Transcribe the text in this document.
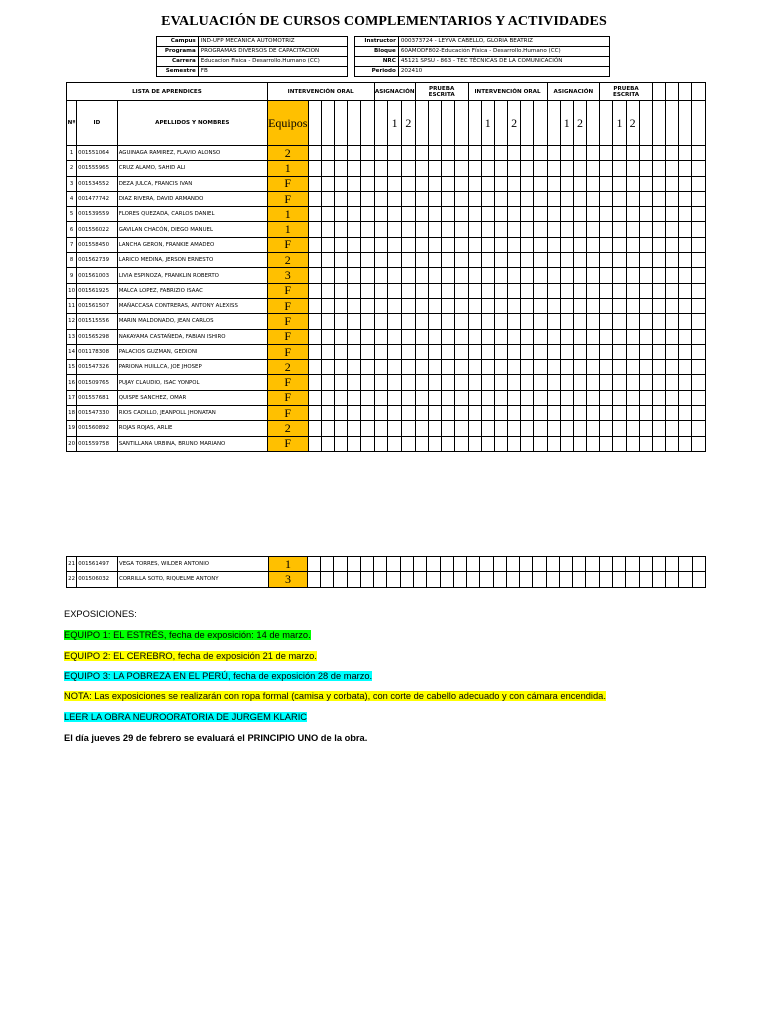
EVALUACIÓN DE CURSOS COMPLEMENTARIOS Y ACTIVIDADES
Campus	IND-UFP MECANICA AUTOMOTRIZ
Programa	PROGRAMAS DIVERSOS DE CAPACITACION
Carrera	Educacion Fisica - Desarrollo.Humano (CC)
Semestre	FB
Instructor	000373724 - LEYVA CABELLO, GLORIA BEATRIZ
Bloque	60AMODF802-Educación Física - Desarrollo.Humano (CC)
NRC	45121 SPSU - 863 - TEC TÉCNICAS DE LA COMUNICACIÓN
Periodo	202410
LISTA DE APRENDICES			INTERVENCIÓN ORAL						ASIGNACIÓN			PRUEBA ESCRITA				INTERVENCIÓN ORAL						ASIGNACIÓN				PRUEBA ESCRITA							
Nº	ID	APELLIDOS Y NOMBRES	Equipos							1	2						1		2				1	2			1	2					
1	001551064	AGUINAGA RAMIREZ, FLAVIO ALONSO	2																														
2	001555965	CRUZ ALAMO, SAHID ALI	1																														
3	001534552	DEZA JULCA, FRANCIS IVAN	F																														
4	001477742	DIAZ RIVERA, DAVID ARMANDO	F																														
5	001539559	FLORES QUEZADA, CARLOS DANIEL	1																														
6	001556022	GAVILAN CHACÓN, DIEGO MANUEL	1																														
7	001558450	LANCHA GERON, FRANKIE AMADEO	F																														
8	001562739	LARICO MEDINA, JERSON ERNESTO	2																														
9	001561003	LIVIA ESPINOZA, FRANKLIN ROBERTO	3																														
10	001561925	MALCA LOPEZ, FABRIZIO ISAAC	F																														
11	001561507	MAÑACCASA CONTRERAS, ANTONY ALEXISS	F																														
12	001515556	MARIN MALDONADO, JEAN CARLOS	F																														
13	001565298	NAKAYAMA CASTAÑEDA, FABIAN ISHIRO	F																														
14	001178308	PALACIOS GUZMAN, GEDIONI	F																														
15	001547326	PARIONA HUILLCA, JOE JHOSEP	2																														
16	001509765	PUJAY CLAUDIO, ISAC YONPOL	F																														
17	001557681	QUISPE SANCHEZ, OMAR	F																														
18	001547330	RIOS CADILLO, JEANPOLL JHONATAN	F																														
19	001560892	ROJAS ROJAS, ARLIE	2																														
20	001559758	SANTILLANA URBINA, BRUNO MARIANO	F																														
21	001561497	VEGA TORRES, WILDER ANTONIO	1																														
22	001506032	CORRILLA SOTO, RIQUELME ANTONY	3																														
EXPOSICIONES:
EQUIPO 1: EL ESTRÉS, fecha de exposición: 14 de marzo.
EQUIPO 2: EL CEREBRO, fecha de exposición 21 de marzo.
EQUIPO 3: LA POBREZA EN EL PERÚ, fecha de exposición 28 de marzo.
NOTA: Las exposiciones se realizarán con ropa formal (camisa y corbata), con corte de cabello adecuado y con cámara encendida.
LEER LA OBRA NEUROORATORIA DE JURGEM KLARIC
El día jueves 29 de febrero se evaluará el PRINCIPIO UNO de la obra.
